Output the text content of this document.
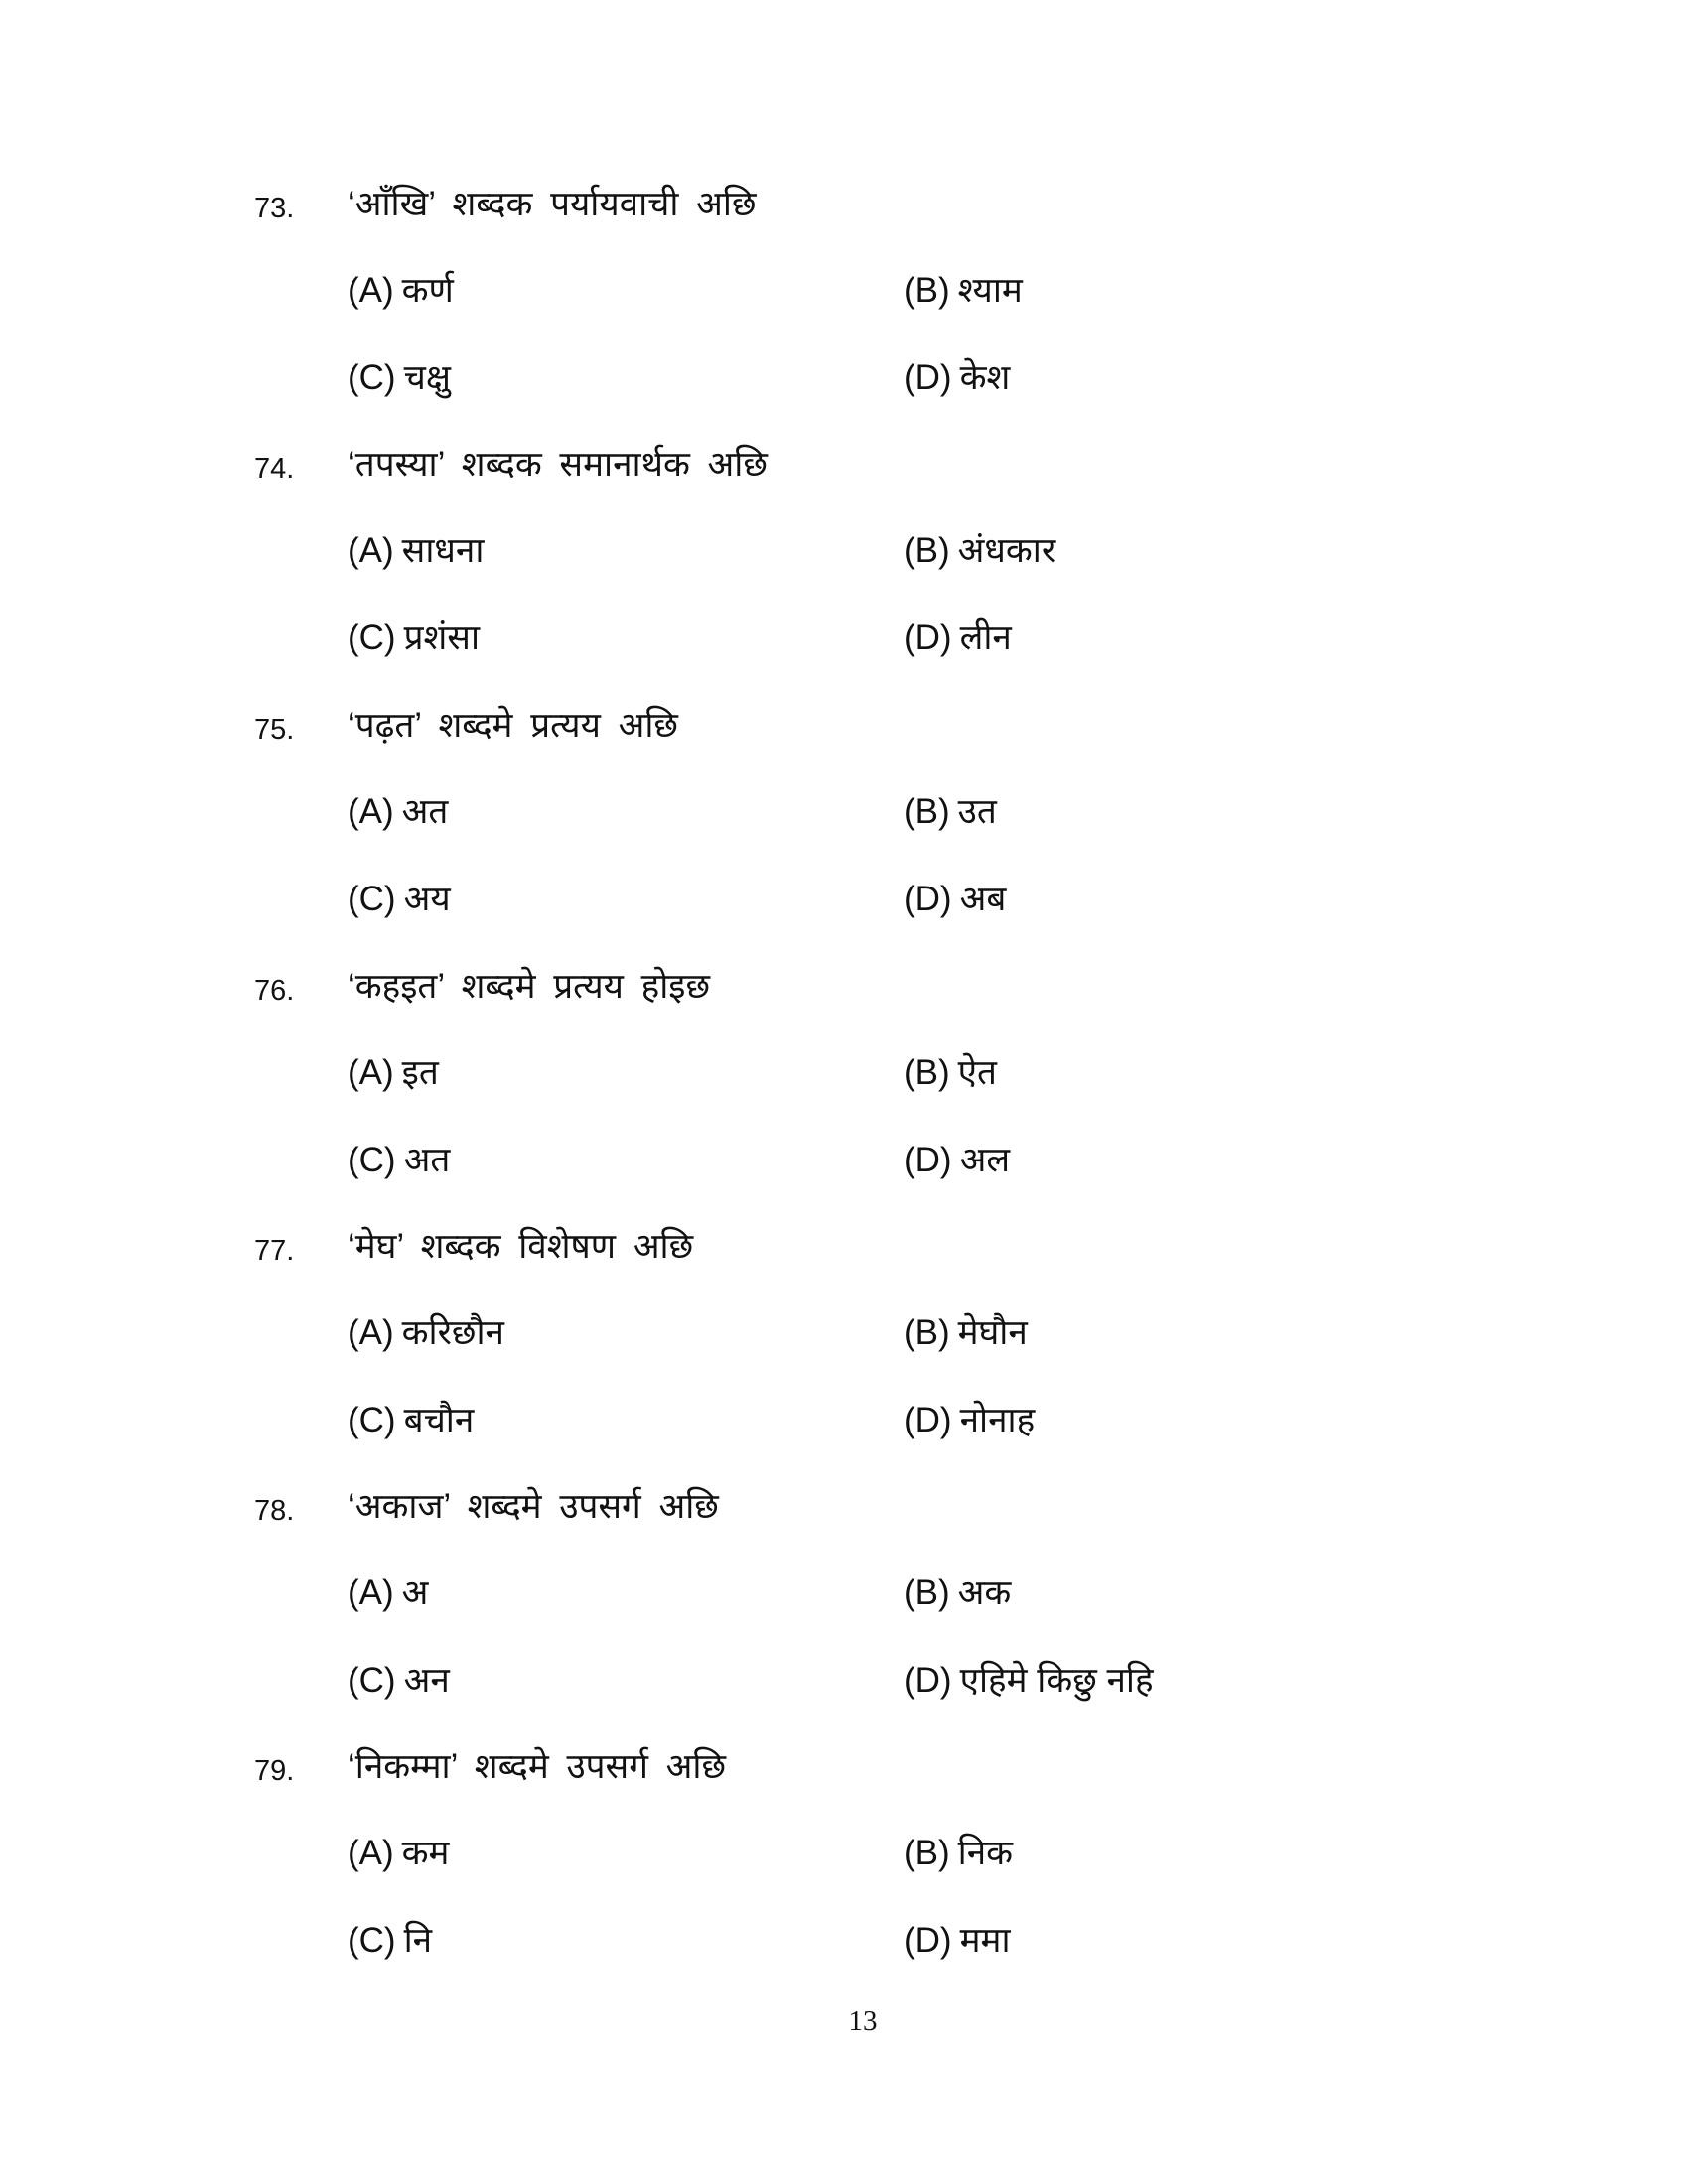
73. ‘आँखि’ शब्दक पर्यायवाची अछि
(A) कर्ण	(B) श्याम
(C) चक्षु	(D) केश
74. ‘तपस्या’ शब्दक समानार्थक अछि
(A) साधना	(B) अंधकार
(C) प्रशंसा	(D) लीन
75. ‘पढ़त’ शब्दमे प्रत्यय अछि
(A) अत	(B) उत
(C) अय	(D) अब
76. ‘कहइत’ शब्दमे प्रत्यय होइछ
(A) इत	(B) ऐत
(C) अत	(D) अल
77. ‘मेघ’ शब्दक विशेषण अछि
(A) करिछौन	(B) मेघौन
(C) बचौन	(D) नोनाह
78. ‘अकाज’ शब्दमे उपसर्ग अछि
(A) अ	(B) अक
(C) अन	(D) एहिमे किछु नहि
79. ‘निकम्मा’ शब्दमे उपसर्ग अछि
(A) कम	(B) निक
(C) नि	(D) ममा
13
